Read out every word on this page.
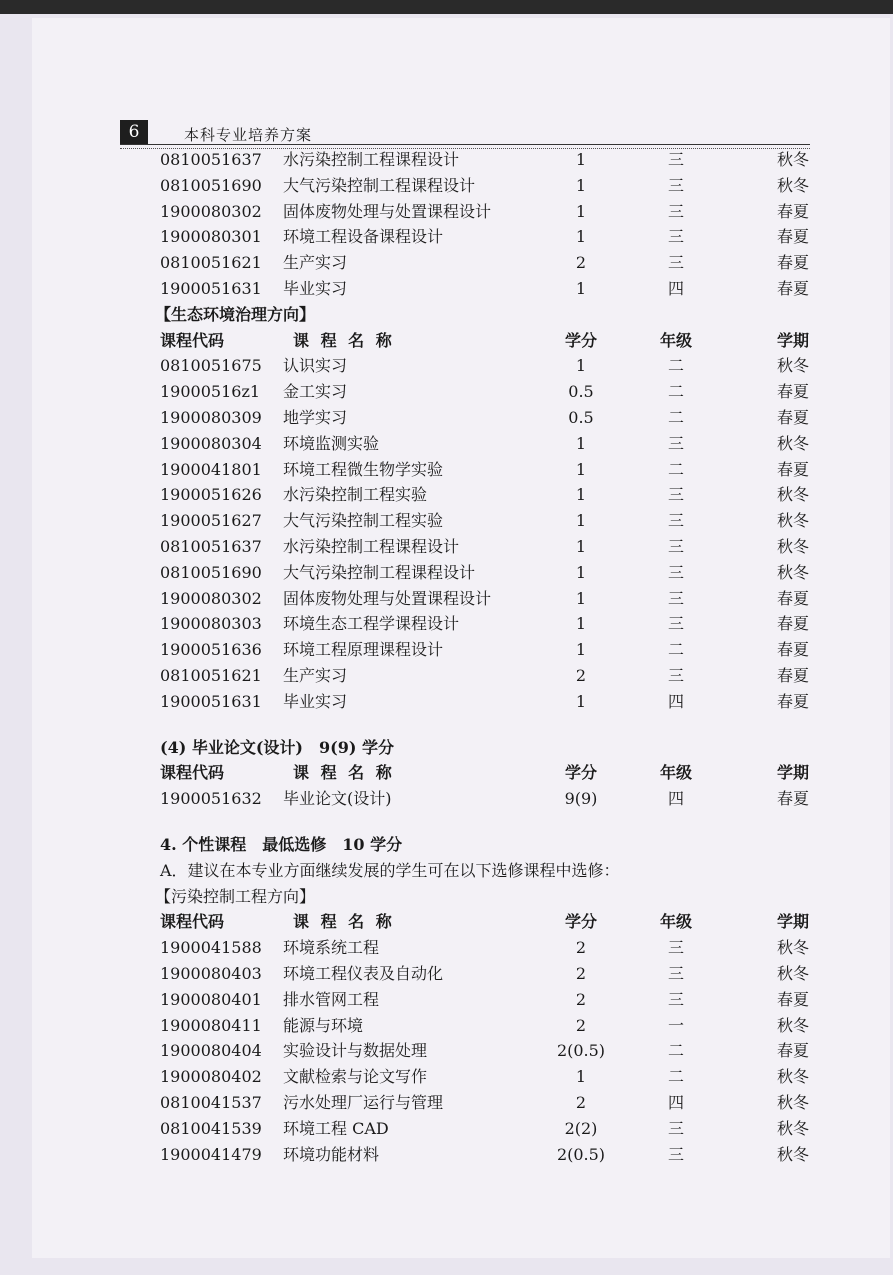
6	本科专业培养方案
0810051637 水污染控制工程课程设计	1	三	秋冬
0810051690 大气污染控制工程课程设计	1	三	秋冬
1900080302 固体废物处理与处置课程设计	1	三	春夏
1900080301 环境工程设备课程设计	1	三	春夏
0810051621 生产实习	2	三	春夏
1900051631 毕业实习	1	四	春夏
【生态环境治理方向】
课程代码	课 程 名 称	学分	年级	学期
0810051675 认识实习	1	二	秋冬
19000516z1 金工实习	0.5	二	春夏
1900080309 地学实习	0.5	二	春夏
1900080304 环境监测实验	1	三	秋冬
1900041801 环境工程微生物学实验	1	二	春夏
1900051626 水污染控制工程实验	1	三	秋冬
1900051627 大气污染控制工程实验	1	三	秋冬
0810051637 水污染控制工程课程设计	1	三	秋冬
0810051690 大气污染控制工程课程设计	1	三	秋冬
1900080302 固体废物处理与处置课程设计	1	三	春夏
1900080303 环境生态工程学课程设计	1	三	春夏
1900051636 环境工程原理课程设计	1	二	春夏
0810051621 生产实习	2	三	春夏
1900051631 毕业实习	1	四	春夏
(4) 毕业论文(设计)　9(9) 学分
课程代码	课 程 名 称	学分	年级	学期
1900051632 毕业论文(设计)	9(9)	四	春夏
4. 个性课程　最低选修　10 学分
A．建议在本专业方面继续发展的学生可在以下选修课程中选修：
【污染控制工程方向】
课程代码	课 程 名 称	学分	年级	学期
1900041588 环境系统工程	2	三	秋冬
1900080403 环境工程仪表及自动化	2	三	秋冬
1900080401 排水管网工程	2	三	春夏
1900080411 能源与环境	2	一	秋冬
1900080404 实验设计与数据处理	2(0.5)	二	春夏
1900080402 文献检索与论文写作	1	二	秋冬
0810041537 污水处理厂运行与管理	2	四	秋冬
0810041539 环境工程 CAD	2(2)	三	秋冬
1900041479 环境功能材料	2(0.5)	三	秋冬
